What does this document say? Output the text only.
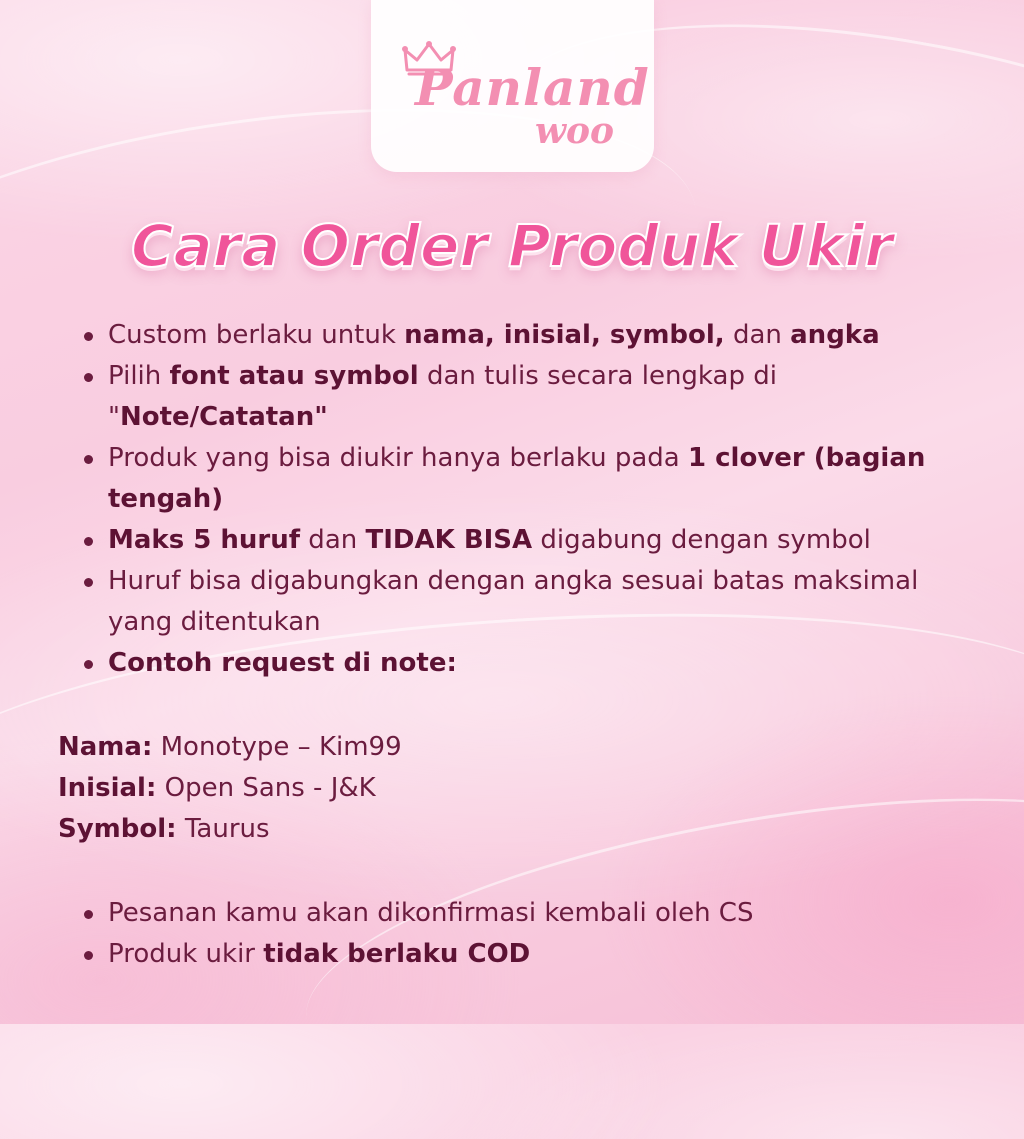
Panland
woo
Cara Order Produk Ukir
Custom berlaku untuk nama, inisial, symbol, dan angka
Pilih font atau symbol dan tulis secara lengkap di "Note/Catatan"
Produk yang bisa diukir hanya berlaku pada 1 clover (bagian tengah)
Maks 5 huruf dan TIDAK BISA digabung dengan symbol
Huruf bisa digabungkan dengan angka sesuai batas maksimal yang ditentukan
Contoh request di note:
Nama: Monotype – Kim99
Inisial: Open Sans - J&K
Symbol: Taurus
Pesanan kamu akan dikonfirmasi kembali oleh CS
Produk ukir tidak berlaku COD
